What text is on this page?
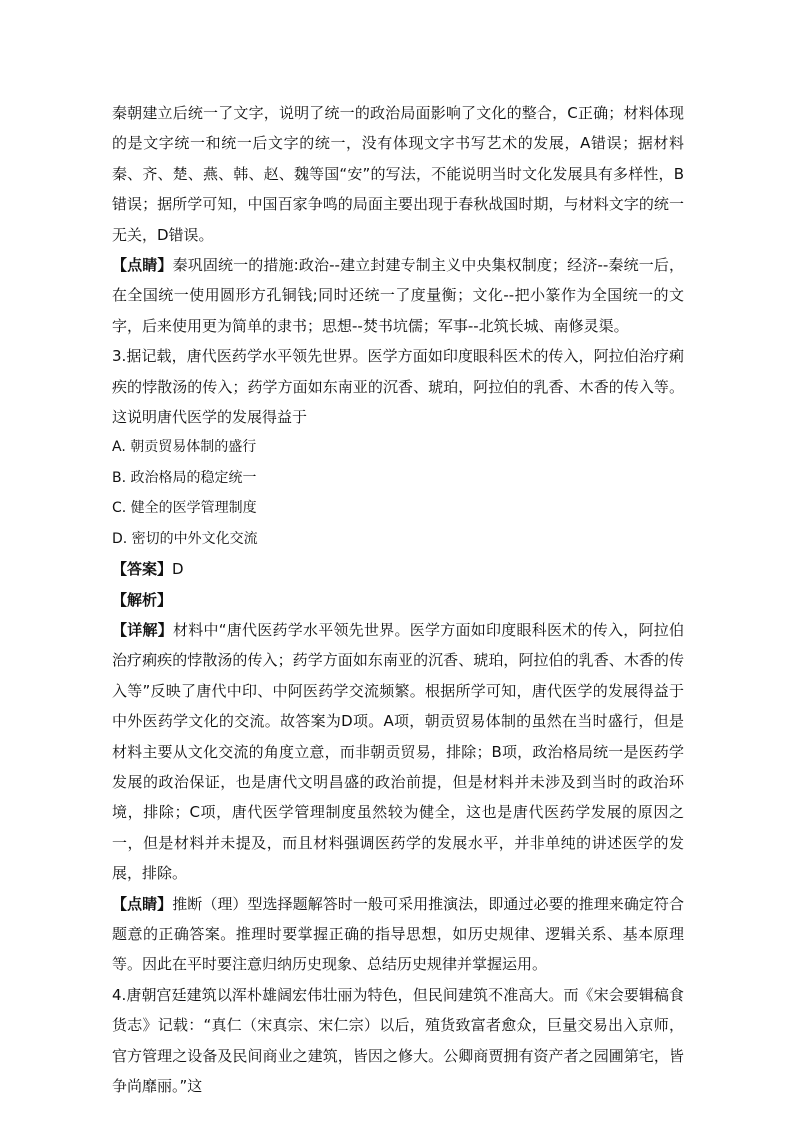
秦朝建立后统一了文字，说明了统一的政治局面影响了文化的整合，C正确；材料体现的是文字统一和统一后文字的统一，没有体现文字书写艺术的发展，A错误；据材料秦、齐、楚、燕、韩、赵、魏等国“安”的写法，不能说明当时文化发展具有多样性，B错误；据所学可知，中国百家争鸣的局面主要出现于春秋战国时期，与材料文字的统一无关，D错误。

【点睛】秦巩固统一的措施:政治--建立封建专制主义中央集权制度；经济--秦统一后，在全国统一使用圆形方孔铜钱;同时还统一了度量衡；文化--把小篆作为全国统一的文字，后来使用更为简单的隶书；思想--焚书坑儒；军事--北筑长城、南修灵渠。

3.据记载，唐代医药学水平领先世界。医学方面如印度眼科医术的传入，阿拉伯治疗痢疾的悖散汤的传入；药学方面如东南亚的沉香、琥珀，阿拉伯的乳香、木香的传入等。这说明唐代医学的发展得益于

A. 朝贡贸易体制的盛行

B. 政治格局的稳定统一

C. 健全的医学管理制度

D. 密切的中外文化交流

【答案】D

【解析】

【详解】材料中“唐代医药学水平领先世界。医学方面如印度眼科医术的传入，阿拉伯治疗痢疾的悖散汤的传入；药学方面如东南亚的沉香、琥珀，阿拉伯的乳香、木香的传入等”反映了唐代中印、中阿医药学交流频繁。根据所学可知，唐代医学的发展得益于中外医药学文化的交流。故答案为D项。A项，朝贡贸易体制的虽然在当时盛行，但是材料主要从文化交流的角度立意，而非朝贡贸易，排除；B项，政治格局统一是医药学发展的政治保证，也是唐代文明昌盛的政治前提，但是材料并未涉及到当时的政治环境，排除；C项，唐代医学管理制度虽然较为健全，这也是唐代医药学发展的原因之一，但是材料并未提及，而且材料强调医药学的发展水平，并非单纯的讲述医学的发展，排除。

【点睛】推断（理）型选择题解答时一般可采用推演法，即通过必要的推理来确定符合题意的正确答案。推理时要掌握正确的指导思想，如历史规律、逻辑关系、基本原理等。因此在平时要注意归纳历史现象、总结历史规律并掌握运用。

4.唐朝宫廷建筑以浑朴雄阔宏伟壮丽为特色，但民间建筑不准高大。而《宋会要辑稿食货志》记载：“真仁（宋真宗、宋仁宗）以后，殖货致富者愈众，巨量交易出入京师，官方管理之设备及民间商业之建筑，皆因之修大。公卿商贾拥有资产者之园圃第宅，皆争尚靡丽。”这
